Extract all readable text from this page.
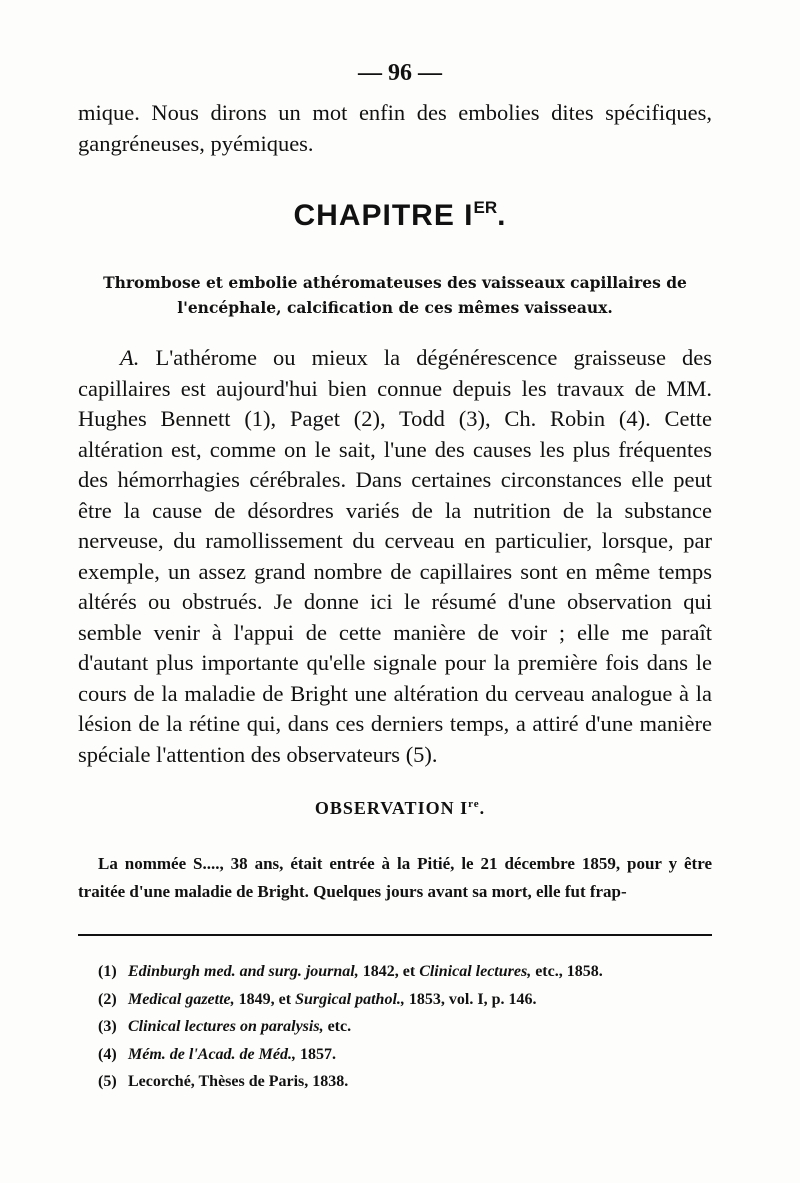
— 96 —

mique. Nous dirons un mot enfin des embolies dites spécifiques, gangréneuses, pyémiques.

CHAPITRE IER.
Thrombose et embolie athéromateuses des vaisseaux capillaires de l'encéphale, calcification de ces mêmes vaisseaux.

A. L'athérome ou mieux la dégénérescence graisseuse des capillaires est aujourd'hui bien connue depuis les travaux de MM. Hughes Bennett (1), Paget (2), Todd (3), Ch. Robin (4). Cette altération est, comme on le sait, l'une des causes les plus fréquentes des hémorrhagies cérébrales. Dans certaines circonstances elle peut être la cause de désordres variés de la nutrition de la substance nerveuse, du ramollissement du cerveau en particulier, lorsque, par exemple, un assez grand nombre de capillaires sont en même temps altérés ou obstrués. Je donne ici le résumé d'une observation qui semble venir à l'appui de cette manière de voir ; elle me paraît d'autant plus importante qu'elle signale pour la première fois dans le cours de la maladie de Bright une altération du cerveau analogue à la lésion de la rétine qui, dans ces derniers temps, a attiré d'une manière spéciale l'attention des observateurs (5).

OBSERVATION Ire.
La nommée S...., 38 ans, était entrée à la Pitié, le 21 décembre 1859, pour y être traitée d'une maladie de Bright. Quelques jours avant sa mort, elle fut frap-
(1) Edinburgh med. and surg. journal, 1842, et Clinical lectures, etc., 1858.
(2) Medical gazette, 1849, et Surgical pathol., 1853, vol. I, p. 146.
(3) Clinical lectures on paralysis, etc.
(4) Mém. de l'Acad. de Méd., 1857.
(5) Lecorché, Thèses de Paris, 1838.
